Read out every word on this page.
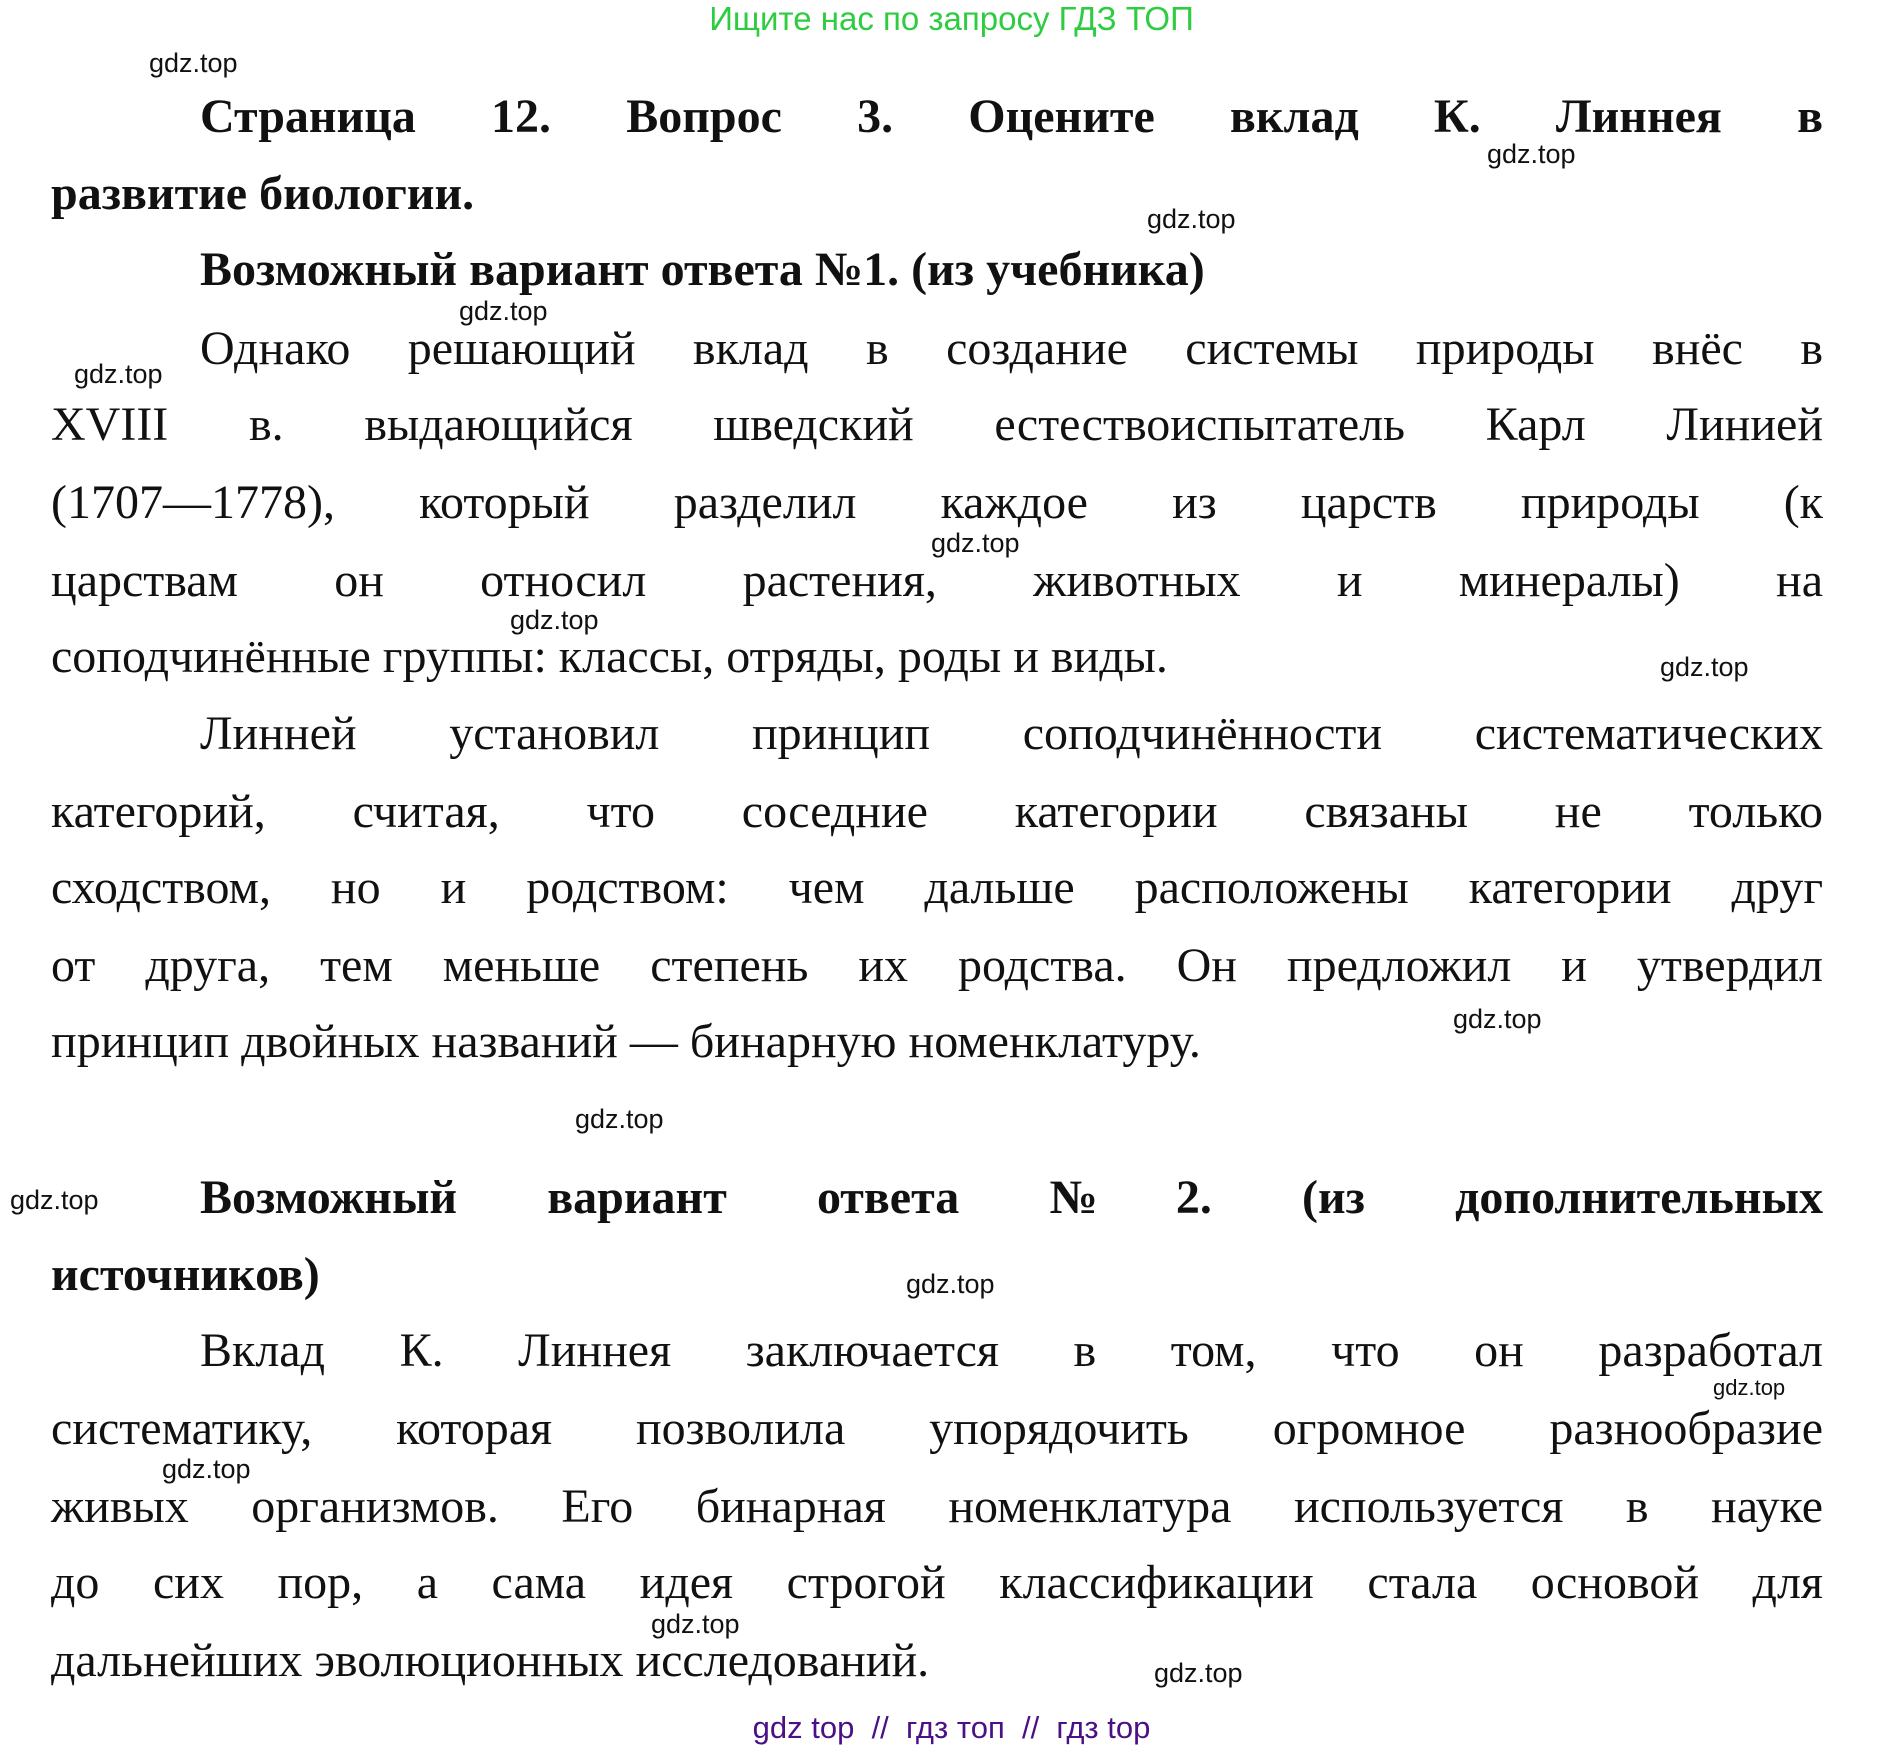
Ищите нас по запросу ГДЗ ТОП
Страница 12. Вопрос 3. Оцените вклад К. Линнея в
развитие биологии.
Возможный вариант ответа №1. (из учебника)
Однако решающий вклад в создание системы природы внёс в
XVIII в. выдающийся шведский естествоиспытатель Карл Линией
(1707—1778), который разделил каждое из царств природы (к
царствам он относил растения, животных и минералы) на
соподчинённые группы: классы, отряды, роды и виды.
Линней установил принцип соподчинённости систематических
категорий, считая, что соседние категории связаны не только
сходством, но и родством: чем дальше расположены категории друг
от друга, тем меньше степень их родства. Он предложил и утвердил
принцип двойных названий — бинарную номенклатуру.
Возможный вариант ответа №2. (из дополнительных
источников)
Вклад К. Линнея заключается в том, что он разработал
систематику, которая позволила упорядочить огромное разнообразие
живых организмов. Его бинарная номенклатура используется в науке
до сих пор, а сама идея строгой классификации стала основой для
дальнейших эволюционных исследований.
gdz.top
gdz.top
gdz.top
gdz.top
gdz.top
gdz.top
gdz.top
gdz.top
gdz.top
gdz.top
gdz.top
gdz.top
gdz.top
gdz.top
gdz.top
gdz.top
gdz top  //  гдз топ  //  гдз top
